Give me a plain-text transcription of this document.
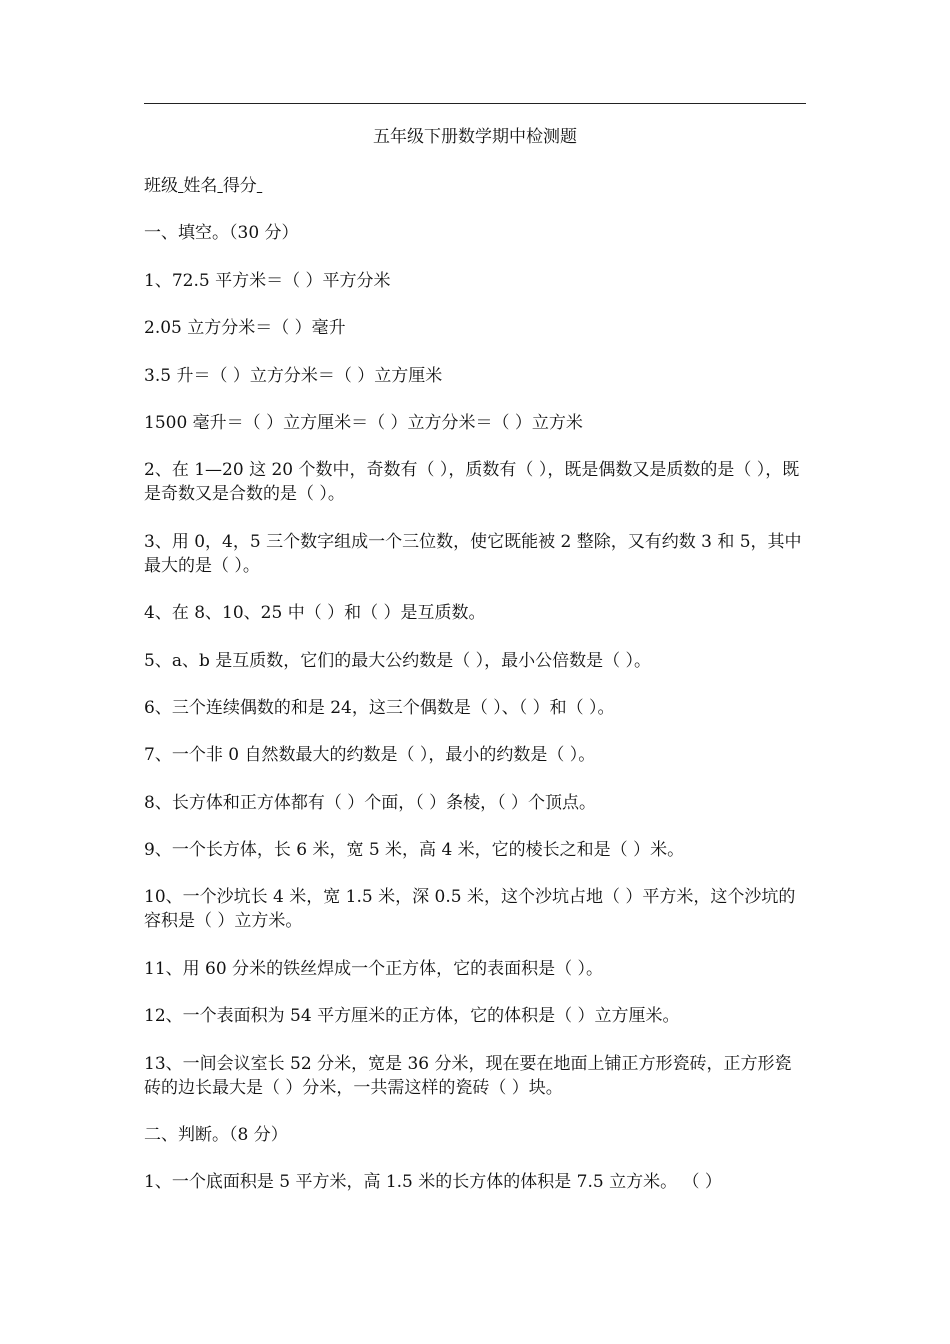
五年级下册数学期中检测题

班级 姓名 得分

一、填空。（30 分）

1、72.5 平方米＝（ ）平方分米

2.05 立方分米＝（ ）毫升

3.5 升＝（ ）立方分米＝（ ）立方厘米

1500 毫升＝（ ）立方厘米＝（ ）立方分米＝（ ）立方米

2、在 1—20 这 20 个数中，奇数有（ ），质数有（ ），既是偶数又是质数的是（ ），既是奇数又是合数的是（ ）。

3、用 0，4，5 三个数字组成一个三位数，使它既能被 2 整除，又有约数 3 和 5，其中最大的是（ ）。

4、在 8、10、25 中（ ）和（ ）是互质数。

5、a、b 是互质数，它们的最大公约数是（ ），最小公倍数是（ ）。

6、三个连续偶数的和是 24，这三个偶数是（ ）、（ ）和（ ）。

7、一个非 0 自然数最大的约数是（ ），最小的约数是（ ）。

8、长方体和正方体都有（ ）个面，（ ）条棱，（ ）个顶点。

9、一个长方体，长 6 米，宽 5 米，高 4 米，它的棱长之和是（ ）米。

10、一个沙坑长 4 米，宽 1.5 米，深 0.5 米，这个沙坑占地（ ）平方米，这个沙坑的容积是（ ）立方米。

11、用 60 分米的铁丝焊成一个正方体，它的表面积是（ ）。

12、一个表面积为 54 平方厘米的正方体，它的体积是（ ）立方厘米。

13、一间会议室长 52 分米，宽是 36 分米，现在要在地面上铺正方形瓷砖，正方形瓷砖的边长最大是（ ）分米，一共需这样的瓷砖（ ）块。

二、判断。（8 分）

1、一个底面积是 5 平方米，高 1.5 米的长方体的体积是 7.5 立方米。 （ ）
